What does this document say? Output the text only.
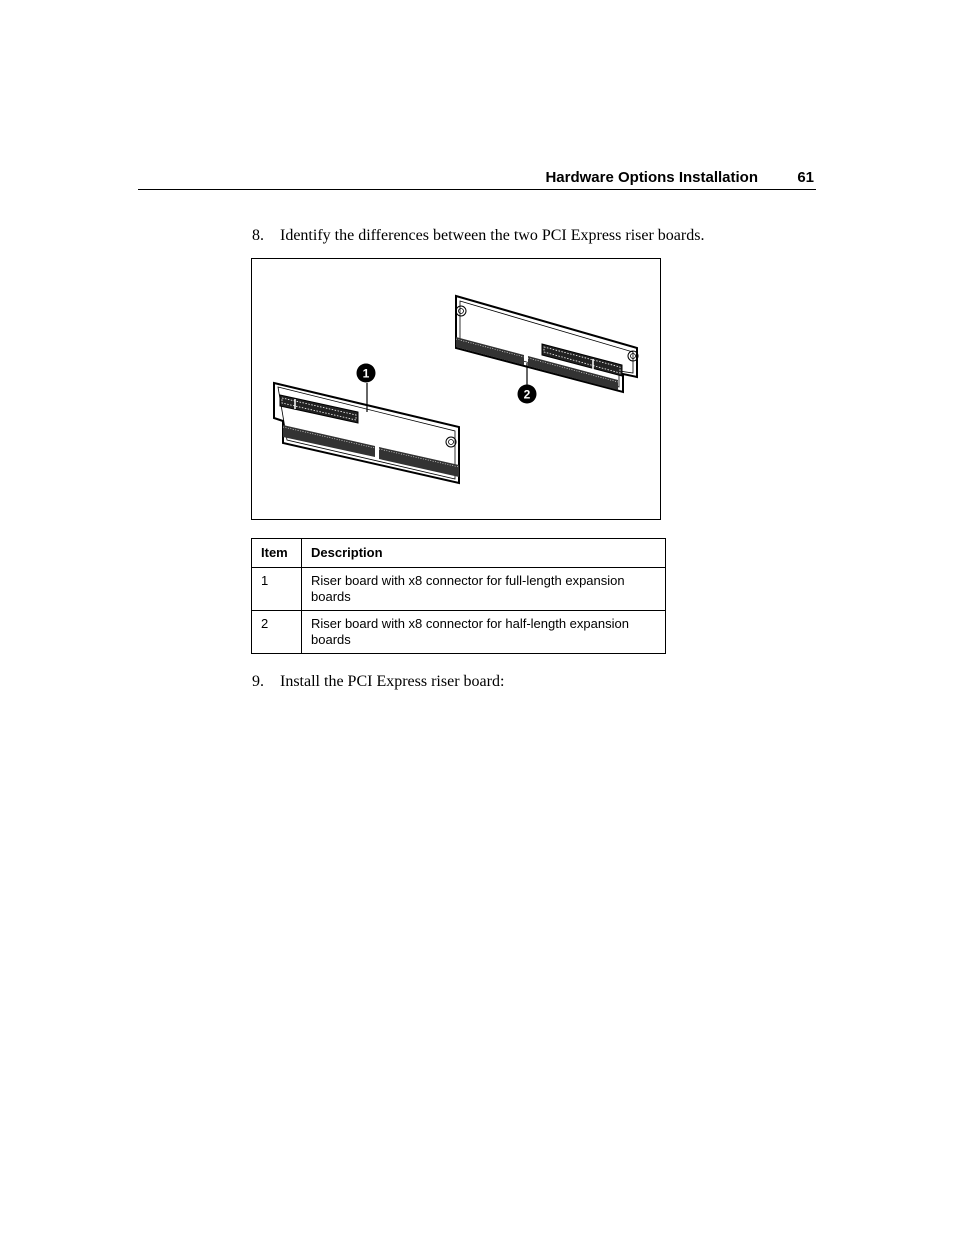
Hardware Options Installation	61
8. Identify the differences between the two PCI Express riser boards.
1
2
Item	Description
1	Riser board with x8 connector for full-length expansion boards
2	Riser board with x8 connector for half-length expansion boards
9. Install the PCI Express riser board:
